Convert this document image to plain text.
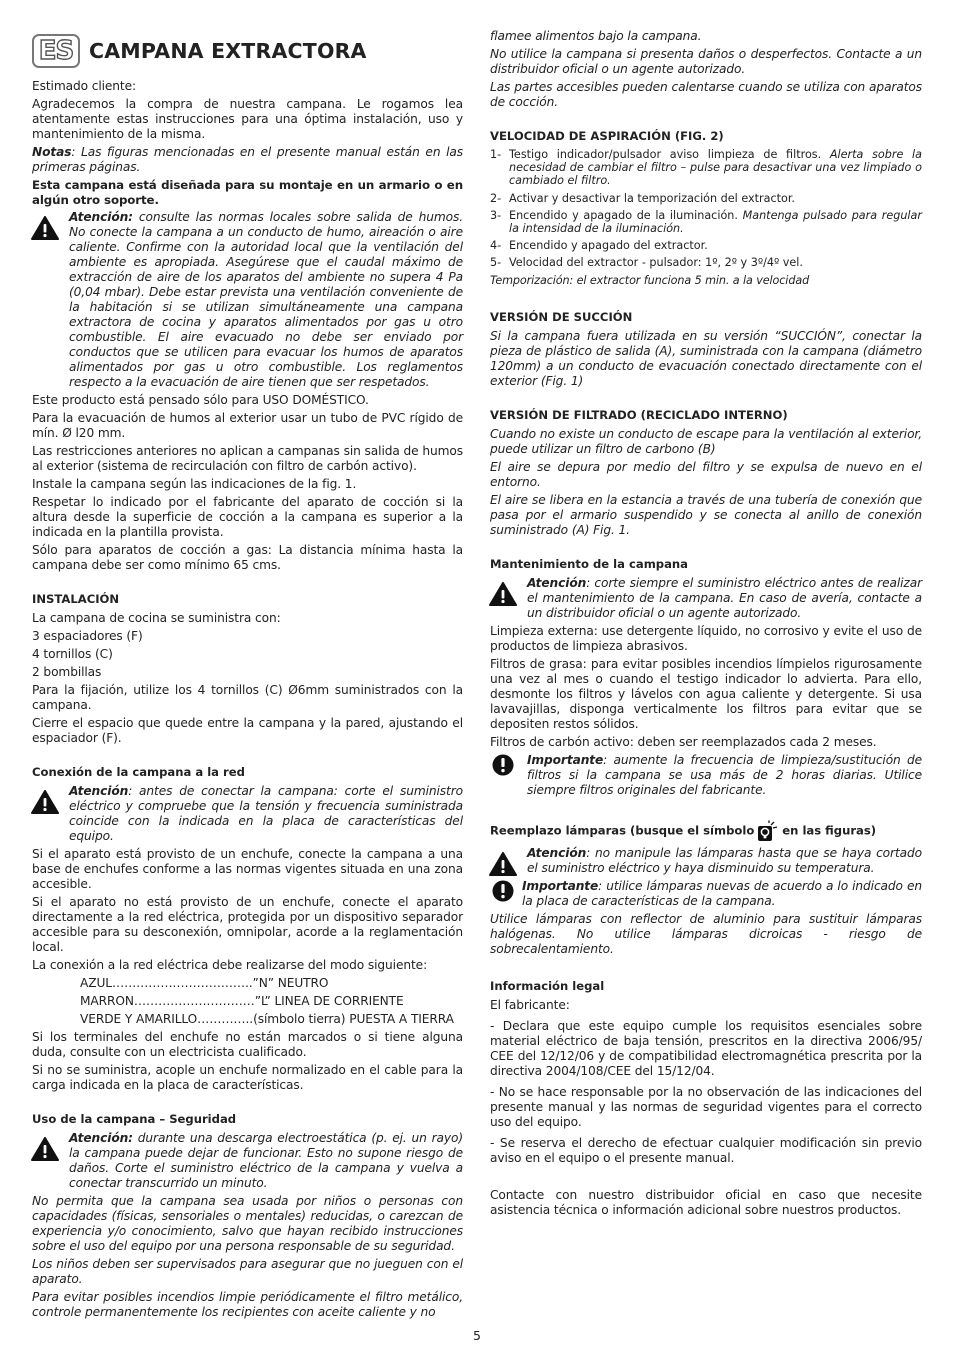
ES CAMPANA EXTRACTORA

Estimado cliente:

Agradecemos la compra de nuestra campana. Le rogamos lea atentamente estas instrucciones para una óptima instalación, uso y mantenimiento de la misma.

Notas: Las figuras mencionadas en el presente manual están en las primeras páginas.

Esta campana está diseñada para su montaje en un armario o en algún otro soporte.

Atención: consulte las normas locales sobre salida de humos. No conecte la campana a un conducto de humo, aireación o aire caliente. Confirme con la autoridad local que la ventilación del ambiente es apropiada. Asegúrese que el caudal máximo de extracción de aire de los aparatos del ambiente no supera 4 Pa (0,04 mbar). Debe estar prevista una ventilación conveniente de la habitación si se utilizan simultáneamente una campana extractora de cocina y aparatos alimentados por gas u otro combustible. El aire evacuado no debe ser enviado por conductos que se utilicen para evacuar los humos de aparatos alimentados por gas u otro combustible. Los reglamentos respecto a la evacuación de aire tienen que ser respetados.

Este producto está pensado sólo para USO DOMÉSTICO.

Para la evacuación de humos al exterior usar un tubo de PVC rígido de mín. Ø l20 mm.

Las restricciones anteriores no aplican a campanas sin salida de humos al exterior (sistema de recirculación con filtro de carbón activo).

Instale la campana según las indicaciones de la fig. 1.

Respetar lo indicado por el fabricante del aparato de cocción si la altura desde la superficie de cocción a la campana es superior a la indicada en la plantilla provista.

Sólo para aparatos de cocción a gas: La distancia mínima hasta la campana debe ser como mínimo 65 cms.

INSTALACIÓN

La campana de cocina se suministra con:

3 espaciadores (F)

4 tornillos (C)

2 bombillas

Para la fijación, utilize los 4 tornillos (C) Ø6mm suministrados con la campana.

Cierre el espacio que quede entre la campana y la pared, ajustando el espaciador (F).

Conexión de la campana a la red
Atención: antes de conectar la campana: corte el suministro eléctrico y compruebe que la tensión y frecuencia suministrada coincide con la indicada en la placa de características del equipo.

Si el aparato está provisto de un enchufe, conecte la campana a una base de enchufes conforme a las normas vigentes situada en una zona accesible.

Si el aparato no está provisto de un enchufe, conecte el aparato directamente a la red eléctrica, protegida por un dispositivo separador accesible para su desconexión, omnipolar, acorde a la reglamentación local.

La conexión a la red eléctrica debe realizarse del modo siguiente:

AZUL……………………………..”N” NEUTRO

MARRON…………………………”L” LINEA DE CORRIENTE

VERDE Y AMARILLO…………..(símbolo tierra) PUESTA A TIERRA

Si los terminales del enchufe no están marcados o si tiene alguna duda, consulte con un electricista cualificado.

Si no se suministra, acople un enchufe normalizado en el cable para la carga indicada en la placa de características.

Uso de la campana – Seguridad
Atención: durante una descarga electroestática (p. ej. un rayo) la campana puede dejar de funcionar. Esto no supone riesgo de daños. Corte el suministro eléctrico de la campana y vuelva a conectar transcurrido un minuto.

No permita que la campana sea usada por niños o personas con capacidades (físicas, sensoriales o mentales) reducidas, o carezcan de experiencia y/o conocimiento, salvo que hayan recibido instrucciones sobre el uso del equipo por una persona responsable de su seguridad.

Los niños deben ser supervisados para asegurar que no jueguen con el aparato.

Para evitar posibles incendios limpie periódicamente el filtro metálico, controle permanentemente los recipientes con aceite caliente y no

flamee alimentos bajo la campana.

No utilice la campana si presenta daños o desperfectos. Contacte a un distribuidor oficial o un agente autorizado.

Las partes accesibles pueden calentarse cuando se utiliza con aparatos de cocción.

VELOCIDAD DE ASPIRACIÓN (FIG. 2)
1- Testigo indicador/pulsador aviso limpieza de filtros. Alerta sobre la necesidad de cambiar el filtro – pulse para desactivar una vez limpiado o cambiado el filtro.
2- Activar y desactivar la temporización del extractor.
3- Encendido y apagado de la iluminación. Mantenga pulsado para regular la intensidad de la iluminación.
4- Encendido y apagado del extractor.
5- Velocidad del extractor - pulsador: 1º, 2º y 3º/4º vel.

Temporización: el extractor funciona 5 min. a la velocidad

VERSIÓN DE SUCCIÓN

Si la campana fuera utilizada en su versión “SUCCIÓN”, conectar la pieza de plástico de salida (A), suministrada con la campana (diámetro 120mm) a un conducto de evacuación conectado directamente con el exterior (Fig. 1)

VERSIÓN DE FILTRADO (RECICLADO INTERNO)

Cuando no existe un conducto de escape para la ventilación al exterior, puede utilizar un filtro de carbono (B)

El aire se depura por medio del filtro y se expulsa de nuevo en el entorno.

El aire se libera en la estancia a través de una tubería de conexión que pasa por el armario suspendido y se conecta al anillo de conexión suministrado (A) Fig. 1.

Mantenimiento de la campana
Atención: corte siempre el suministro eléctrico antes de realizar el mantenimiento de la campana. En caso de avería, contacte a un distribuidor oficial o un agente autorizado.

Limpieza externa: use detergente líquido, no corrosivo y evite el uso de productos de limpieza abrasivos.

Filtros de grasa: para evitar posibles incendios límpielos rigurosamente una vez al mes o cuando el testigo indicador lo advierta. Para ello, desmonte los filtros y lávelos con agua caliente y detergente. Si usa lavavajillas, disponga verticalmente los filtros para evitar que se depositen restos sólidos.

Filtros de carbón activo: deben ser reemplazados cada 2 meses.

Importante: aumente la frecuencia de limpieza/sustitución de filtros si la campana se usa más de 2 horas diarias. Utilice siempre filtros originales del fabricante.
Reemplazo lámparas (busque el símbolo en las figuras)
Atención: no manipule las lámparas hasta que se haya cortado el suministro eléctrico y haya disminuido su temperatura.
Importante: utilice lámparas nuevas de acuerdo a lo indicado en la placa de características de la campana.

Utilice lámparas con reflector de aluminio para sustituir lámparas halógenas. No utilice lámparas dicroicas - riesgo de sobrecalentamiento.

Información legal

El fabricante:

- Declara que este equipo cumple los requisitos esenciales sobre material eléctrico de baja tensión, prescritos en la directiva 2006/95/ CEE del 12/12/06 y de compatibilidad electromagnética prescrita por la directiva 2004/108/CEE del 15/12/04.

- No se hace responsable por la no observación de las indicaciones del presente manual y las normas de seguridad vigentes para el correcto uso del equipo.

- Se reserva el derecho de efectuar cualquier modificación sin previo aviso en el equipo o el presente manual.

Contacte con nuestro distribuidor oficial en caso que necesite asistencia técnica o información adicional sobre nuestros productos.

5
